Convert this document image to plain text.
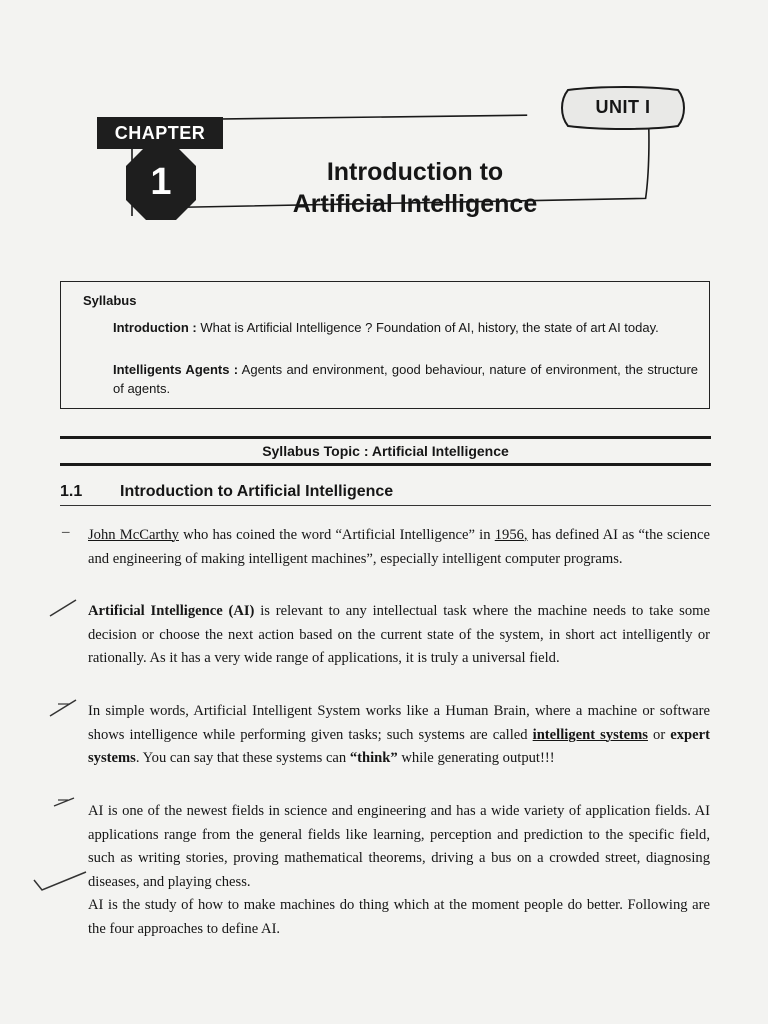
CHAPTER
1
UNIT I
Introduction to
Artificial Intelligence
Syllabus
Introduction : What is Artificial Intelligence ? Foundation of AI, history, the state of art AI today.
Intelligents Agents : Agents and environment, good behaviour, nature of environment, the structure of agents.
Syllabus Topic : Artificial Intelligence
1.1 Introduction to Artificial Intelligence
– John McCarthy who has coined the word “Artificial Intelligence” in 1956, has defined AI as “the science and engineering of making intelligent machines”, especially intelligent computer programs.
Artificial Intelligence (AI) is relevant to any intellectual task where the machine needs to take some decision or choose the next action based on the current state of the system, in short act intelligently or rationally. As it has a very wide range of applications, it is truly a universal field.
In simple words, Artificial Intelligent System works like a Human Brain, where a machine or software shows intelligence while performing given tasks; such systems are called intelligent systems or expert systems. You can say that these systems can “think” while generating output!!!
AI is one of the newest fields in science and engineering and has a wide variety of application fields. AI applications range from the general fields like learning, perception and prediction to the specific field, such as writing stories, proving mathematical theorems, driving a bus on a crowded street, diagnosing diseases, and playing chess.
AI is the study of how to make machines do thing which at the moment people do better. Following are the four approaches to define AI.
